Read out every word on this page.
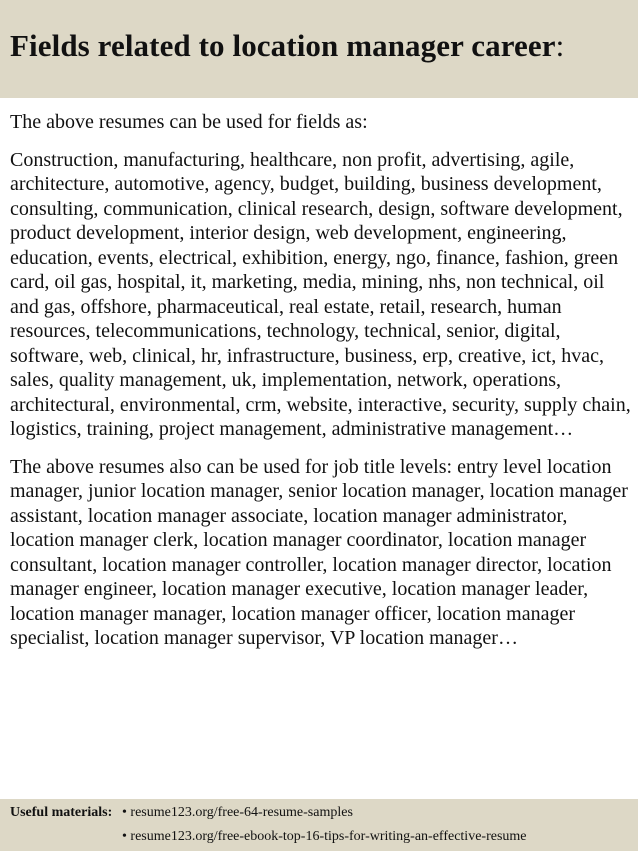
Fields related to location manager career:

The above resumes can be used for fields as:

Construction, manufacturing, healthcare, non profit, advertising, agile, architecture, automotive, agency, budget, building, business development, consulting, communication, clinical research, design, software development, product development, interior design, web development, engineering, education, events, electrical, exhibition, energy, ngo, finance, fashion, green card, oil gas, hospital, it, marketing, media, mining, nhs, non technical, oil and gas, offshore, pharmaceutical, real estate, retail, research, human resources, telecommunications, technology, technical, senior, digital, software, web, clinical, hr, infrastructure, business, erp, creative, ict, hvac, sales, quality management, uk, implementation, network, operations, architectural, environmental, crm, website, interactive, security, supply chain, logistics, training, project management, administrative management…

The above resumes also can be used for job title levels: entry level location manager, junior location manager, senior location manager, location manager assistant, location manager associate, location manager administrator, location manager clerk, location manager coordinator, location manager consultant, location manager controller, location manager director, location manager engineer, location manager executive, location manager leader, location manager manager, location manager officer, location manager specialist, location manager supervisor, VP location manager…

Useful materials: • resume123.org/free-64-resume-samples
• resume123.org/free-ebook-top-16-tips-for-writing-an-effective-resume
